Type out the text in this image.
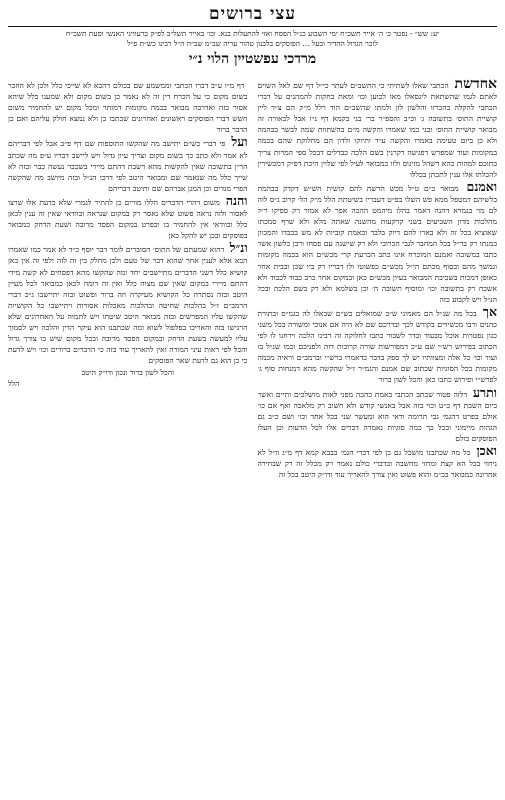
עצי ברושים
יע: שש״ - נפטר כ׳ ה׳ אייר תשכ״ח ימי השבוע כנ״ל הפסח ואזי להתעלות בנא. וכו׳ באייר תשל״ב לפ״ק ברעוויני האנשי וסעת תשכ״ח
לזכר הגדול ההדיר ובעל ... הפוסקים בלבנון טהור עריה שב״מ שב״ה ה״ל רבינו כש״ת פ״ל
מרדכי עפשטיין הלוי נ״י

אחדשת הכתבי שאלו לשתיתי כי התשב״ם לעתר כי״ל דף שם לאל השוים לאתם לגמו שהשתאת ליגסאלו מאו לכוען וכו׳ ומאת בחקות להמהנים על דברי הכתבי להקלה בהכרזו והלשון לזן ולמתו שהשב״ם הוד רלל מ״ק הם צ״ד ליין קושיית התוס׳ בתשובה ג׳ וכ״ב והספ״ר בר׳ בני בקמא דף נ״ו אבל לכאורה זה מבואר קושיית התוס׳ ובני כמו שאמרו והקשה מ״ם בהשתוות שמה לבשר בבהמה ולא כן ביום טעימה באמרו והקשה ע״ד ותיוקו ולדון הם מחלוקת שהם בכמה במקומות ועוד שמפרש דפגיעה דקרנין בשם הלכה כבדלים דבכל ספי המרות צריך בתוכם למהות כהא דשהל מזינוס ולזו כמבואר לעיל לפי שלוין היכת דפ״ק דמכשירין להכלתו אלו ענין לתכתן בכללו

ואמנם מבואר כ״ם ט״ל מכש הרשת להם קושית הש״ש דקדק בבהמת בלשיהם דמטפל ממא פש השלו בפ״ט דעבריו בשיטתת הלל מ״ק הל׳ קרוב ג״ס לוה לם מר בגמרא דהנה דאמר בהלו מיהמט ההכה אפר לא אמור רק ספיקו ר״ל מהלכות מדון השביעים בשני קרקעות מהשנה שאתה מלא ולא שרף סמכתו שאוציא בכל זה ולא בארו להם דיוק בלבד ובאמת קוביות לא מש בכבדו והמכוון במנתו רק בר״ל בכל המחבר לגבי הכרובי ולא רק שישנה עם פסחו ורבן כלשון אשר כתבו במשובה ואמנם המוכרח אינו כתב הכרעת קרי מכש״ם הוא בכמה מקומות ונמשך מהם ובסוף מכתם הי״ל מכש״ם כפשוטו ולו דבריו רק ביו שכן ובבית אחר כאופן דמכות בשכיבת המבואר בעיון מכש״ם כאן ובמקום אחר כרב כבוד לכבוד ולא אשכח רק בתשובה וכו׳ ומוסיף תשובה ה׳ וכן בשלמא ולא רק בשם הלכה ובכל הנ״ל ויש לקבוע כזה

אך בכל מה שנ״ל הם מאמיני ש״ב שמואלים כש״ם שבאלו לה בגמ״ס ובתורת כהנים ורבו מכשירים בקודש לכך ובדרכם שם לא היה אם אנוכי ומשורה בכל משני כגון נפטרות אוכל מבעוד ובדר לשבור כתבו לחלוקה זה רבינו הלכה וירחנו לו לפי הכתוב בפירוש רש״י שם ע״כ דמפורשות שורה קרובות דזה ולפניכם וכמו שנ״ל בו ועוד וכו׳ כל אלה ומצוותיו יש לך ספק בדבר כדאמרו ברש״י וברמב״ם וראיה מכמה מקומות בכל הסוגיות שכתוב שם אמנם והגמ״ר ז״ל שהקשה מהא דמנחות סוף ג׳ לפרש״י ופירוש כתבו כאן והכל לשון ברור

ותרע דלזה פטור שכתב הכתבי באמת כהכה מפני לאות מושלכים ותיים ואשר ביום השבת דף כ״ט וכוי בזה אבל באנשי קודש ולא חשוב רק מלאכה ואף אם כו׳ אולם בפרט דהגמ׳ גבי תרומה ודאי הוא ומעשר שני בכל אחד וכו׳ ושם כ״ב גם הגהות מיימוני ובכל כך כמה סוגיות נאמרה דברים אלו לכל הדעות וכן העלו הפוסקים כולם

ואכן כל מה שכתבנו מושכל גם כן לפי דברי הגמ׳ בבבא קמא דף מ״ג וז״ל לא ניחזי בכל הא קצת ומחזי מחשבה ובדברי כולם נאמר רק מכלל זה רק שבחירה אחרונה כמבואר בכ״מ והוא פשוט ואין צורך להאריך עוד ודו״ק היטב בכל זה

דף מ״ו ע״ב דברו הכתבי וממשמע שם בכולם דהכא לא שייכי כלל ולכן לא הוזכר בשום מקום כי על הכרח דין זה לא נאמר כן בשום מקום ולא שמענו כלל שיהא אסור כזה ואדרבה מבואר בכמה מקומות דמותר ומכל מקום יש להחמיר משום חשש דברי הפוסקים ראשונים ואחרונים שכתבו כן ולא נמצא חולק עליהם ואם כן הדבר ברור

ועל פי דברי כש״ם יתישב מה שהקשו התוספות שם דף פ״ב אבל לפי דבריהם לא אמר ולא כתב כך בשום מקום וצריך עיון גדול ויש ליישב דבריו ע״פ מה שכתב הר״ן בתשובה שאין להקשות מהא דשבת דהתם מיירי בשכבר נעשה כבר ובזה לא שייך כלל מה שנאמר שם ומבואר היטב לפי דרכו הנ״ל ובזה מיושב מה שהקשה הפרי מגדים וכן המגן אברהם שם ותיטב דבריהם

והנה משום דהרי הדברים הללו מורים כן להתיר לגמרי שלא כדעת אלו שרצו לאסור ולזה נראה פשוט שלא נאסר רק במקום שנראה ובוודאי שאין זה ענין לכאן כלל ובוודאי אין להחמיר בו ובפרט במקום הפסד מרובה ושעת הדחק כמבואר בפוסקים ובכן יש להקל כאן

ונ״ל דהוא שמעתם של התוס׳ הסוברים לומר דבר יוסף כ״ד לא אמר כמו שאמרו הכא אלא לענין אחר שהוא דבר של טעם ולכן מחלק בין זה לזה ולפי זה אין כאן קושיא כלל דשני הדברים מתיישבים יחד ומה שהקשו מהא דפסחים לא קשה מידי דהתם מיירי במקום שאין שם מצוה כלל ואין זה דומה לכאן כמבואר לכל מעיין היטב ובזה נסתרה כל הקושיא מעיקרה וזה ברור ופשוט ובזה יתיישבו ג״כ דברי הרמב״ם ז״ל בהלכות שחיטה ובהלכות מאכלות אסורות ויתיישבו כל הקושיות שהקשו עליו המפרשים ובזה מבואר היטב שיטתו ויש לתמוה על האחרונים שלא הרגישו בזה והאריכו בפלפול לשוא ומה שכתבנו הוא עיקר הדין והלכה ויש לסמוך עליו למעשה בשעת הדחק ובמקום הפסד מרובה ובכל מקום שיש בו צורך גדול והכל לפי ראות עיני המורה ואין להאריך עוד בזה כי הדברים ברורים וכו׳ ויש לדעת כי כן הוא גם לדעת שאר הפוסקים

והכל לשון ברור ונכון ודו״ק היטב
הלל
